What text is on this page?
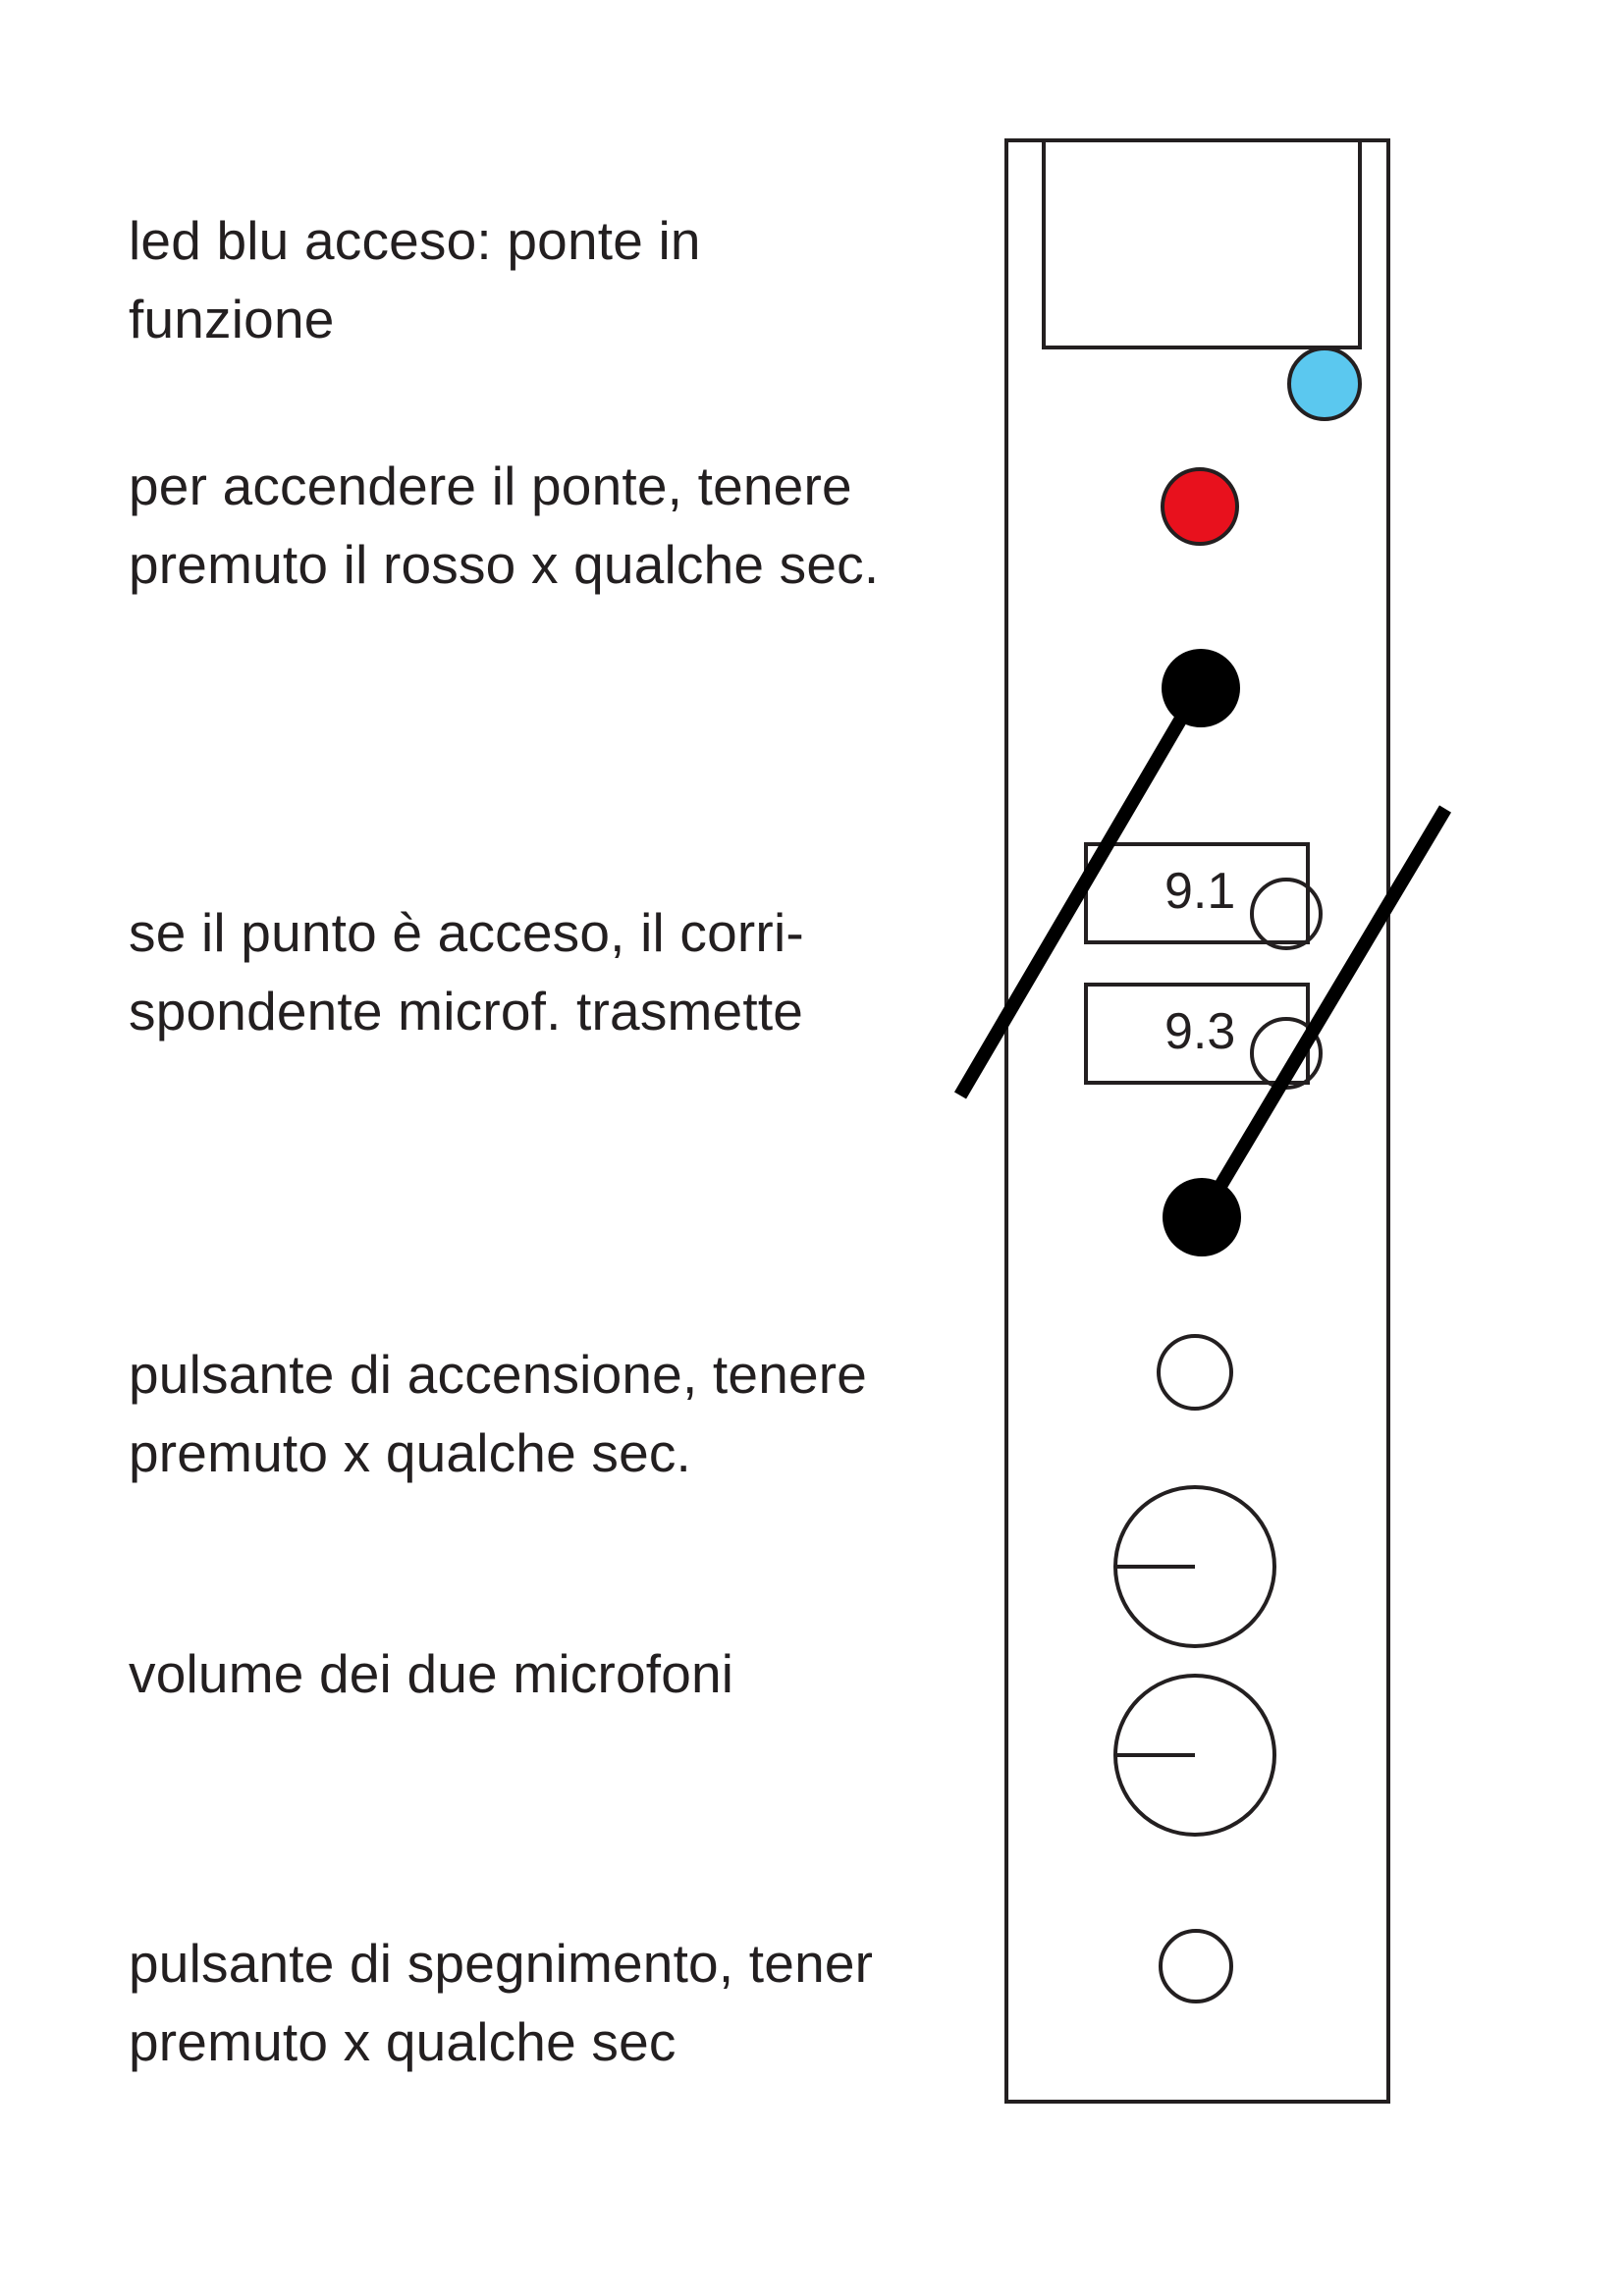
led blu acceso: ponte in
funzione
per accendere il ponte, tenere
premuto il rosso x qualche sec.
se il punto è acceso, il corri-
spondente microf. trasmette
pulsante di accensione, tenere
premuto x qualche sec.
volume dei due microfoni
pulsante di spegnimento, tener
premuto x qualche sec
9.1
9.3
